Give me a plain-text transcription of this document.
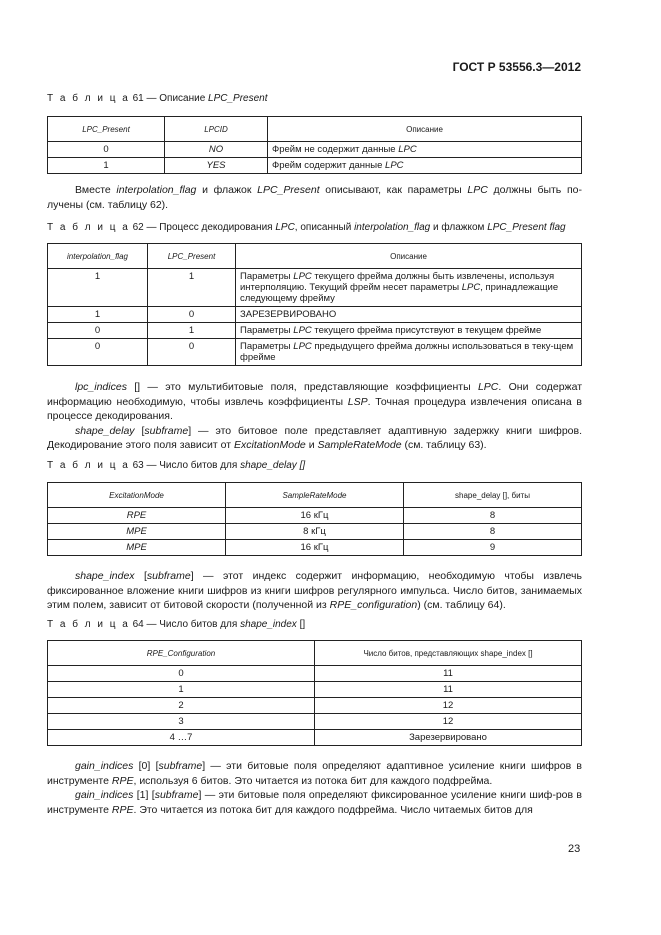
ГОСТ Р 53556.3—2012
Т а б л и ц а 61 — Описание LPC_Present
LPC_Present	LPCID	Описание
0	NO	Фрейм не содержит данные LPC
1	YES	Фрейм содержит данные LPC

Вместе interpolation_flag и флажок LPC_Present описывают, как параметры LPC должны быть по-лучены (см. таблицу 62).

Т а б л и ц а 62 — Процесс декодирования LPC, описанный interpolation_flag и флажком LPC_Present flag
interpolation_flag	LPC_Present	Описание
1	1	Параметры LPC текущего фрейма должны быть извлечены, используя интерполяцию. Текущий фрейм несет параметры LPC, принадлежащие следующему фрейму
1	0	ЗАРЕЗЕРВИРОВАНО
0	1	Параметры LPC текущего фрейма присутствуют в текущем фрейме
0	0	Параметры LPC предыдущего фрейма должны использоваться в теку-щем фрейме

lpc_indices [] — это мультибитовые поля, представляющие коэффициенты LPC. Они содержат информацию необходимую, чтобы извлечь коэффициенты LSP. Точная процедура извлечения описана в процессе декодирования.

shape_delay [subframe] — это битовое поле представляет адаптивную задержку книги шифров. Декодирование этого поля зависит от ExcitationMode и SampleRateMode (см. таблицу 63).

Т а б л и ц а 63 — Число битов для shape_delay []
ExcitationMode	SampleRateMode	shape_delay [], биты
RPE	16 кГц	8
MPE	8 кГц	8
MPE	16 кГц	9

shape_index [subframe] — этот индекс содержит информацию, необходимую чтобы извлечь фиксированное вложение книги шифров из книги шифров регулярного импульса. Число битов, занимаемых этим полем, зависит от битовой скорости (полученной из RPE_configuration) (см. таблицу 64).

Т а б л и ц а 64 — Число битов для shape_index []
RPE_Configuration	Число битов, представляющих shape_index []
0	11
1	11
2	12
3	12
4 …7	Зарезервировано

gain_indices [0] [subframe] — эти битовые поля определяют адаптивное усиление книги шифров в инструменте RPE, используя 6 битов. Это читается из потока бит для каждого подфрейма.

gain_indices [1] [subframe] — эти битовые поля определяют фиксированное усиление книги шиф-ров в инструменте RPE. Это читается из потока бит для каждого подфрейма. Число читаемых битов для

23
